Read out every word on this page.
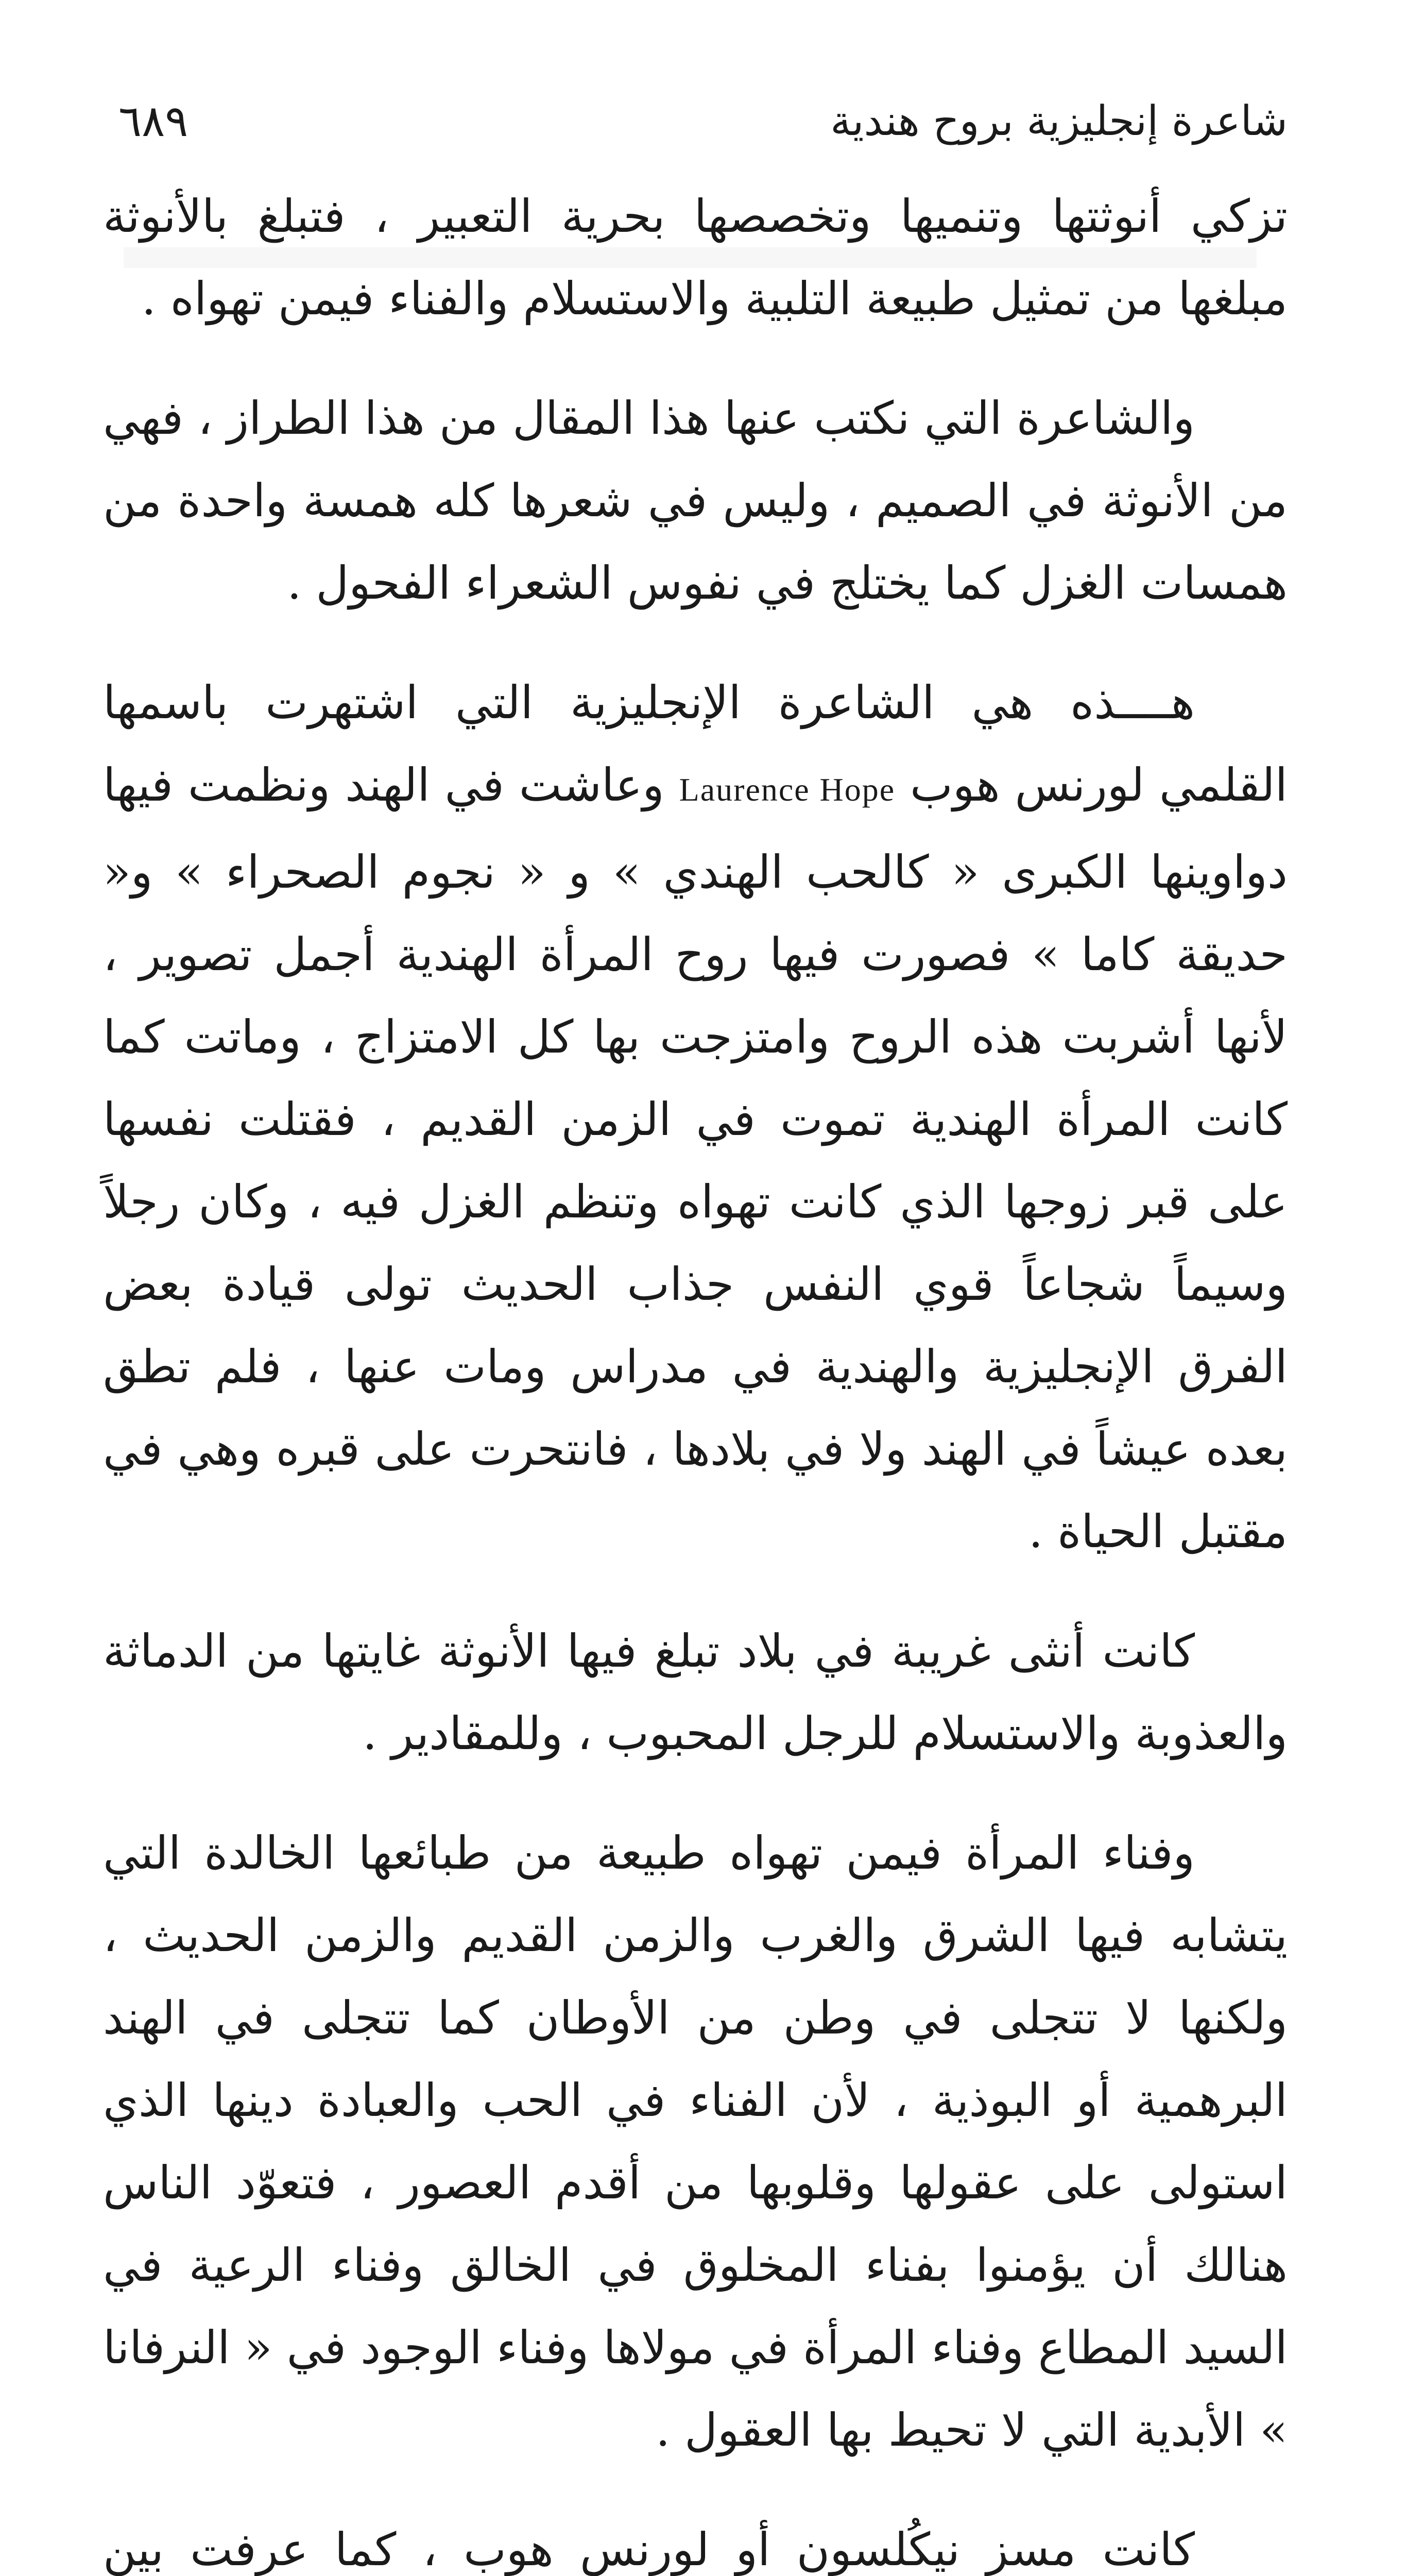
شاعرة إنجليزية بروح هندية
٦٨٩

تزكي أنوثتها وتنميها وتخصصها بحرية التعبير ، فتبلغ بالأنوثة مبلغها من تمثيل طبيعة التلبية والاستسلام والفناء فيمن تهواه .

والشاعرة التي نكتب عنها هذا المقال من هذا الطراز ، فهي من الأنوثة في الصميم ، وليس في شعرها كله همسة واحدة من همسات الغزل كما يختلج في نفوس الشعراء الفحول .

هــــذه هي الشاعرة الإنجليزية التي اشتهرت باسمها القلمي لورنس هوب Laurence Hope وعاشت في الهند ونظمت فيها دواوينها الكبرى « كالحب الهندي » و « نجوم الصحراء » و« حديقة كاما » فصورت فيها روح المرأة الهندية أجمل تصوير ، لأنها أشربت هذه الروح وامتزجت بها كل الامتزاج ، وماتت كما كانت المرأة الهندية تموت في الزمن القديم ، فقتلت نفسها على قبر زوجها الذي كانت تهواه وتنظم الغزل فيه ، وكان رجلاً وسيماً شجاعاً قوي النفس جذاب الحديث تولى قيادة بعض الفرق الإنجليزية والهندية في مدراس ومات عنها ، فلم تطق بعده عيشاً في الهند ولا في بلادها ، فانتحرت على قبره وهي في مقتبل الحياة .

كانت أنثى غريبة في بلاد تبلغ فيها الأنوثة غايتها من الدماثة والعذوبة والاستسلام للرجل المحبوب ، وللمقادير .

وفناء المرأة فيمن تهواه طبيعة من طبائعها الخالدة التي يتشابه فيها الشرق والغرب والزمن القديم والزمن الحديث ، ولكنها لا تتجلى في وطن من الأوطان كما تتجلى في الهند البرهمية أو البوذية ، لأن الفناء في الحب والعبادة دينها الذي استولى على عقولها وقلوبها من أقدم العصور ، فتعوّد الناس هنالك أن يؤمنوا بفناء المخلوق في الخالق وفناء الرعية في السيد المطاع وفناء المرأة في مولاها وفناء الوجود في « النرفانا » الأبدية التي لا تحيط بها العقول .

كانت مسز نيكُلسون أو لورنس هوب ، كما عرفت بين
